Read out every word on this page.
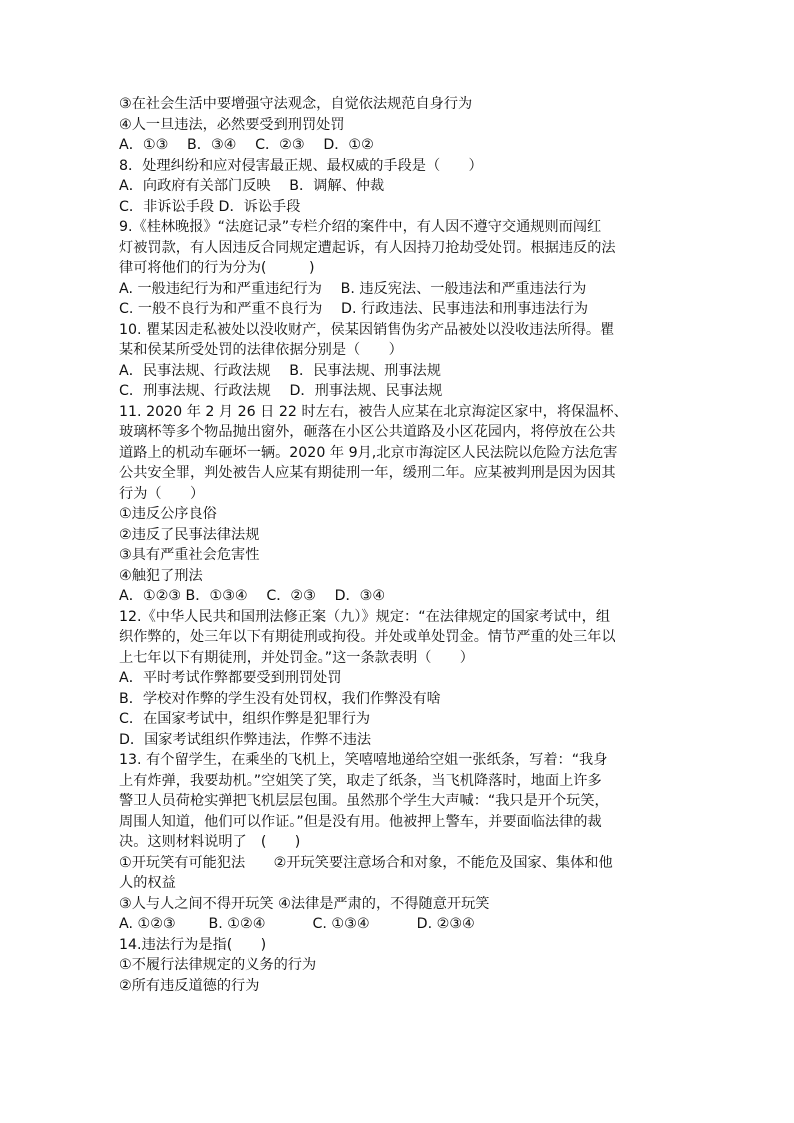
③在社会生活中要增强守法观念，自觉依法规范自身行为
④人一旦违法，必然要受到刑罚处罚
A．①③　 B．③④　 C．②③　 D．①②
8．处理纠纷和应对侵害最正规、最权威的手段是（　　）
A．向政府有关部门反映　 B．调解、仲裁
C．非诉讼手段 D．诉讼手段
9.《桂林晚报》“法庭记录”专栏介绍的案件中，有人因不遵守交通规则而闯红
灯被罚款，有人因违反合同规定遭起诉，有人因持刀抢劫受处罚。根据违反的法
律可将他们的行为分为(　　　)
A. 一般违纪行为和严重违纪行为　 B. 违反宪法、一般违法和严重违法行为
C. 一般不良行为和严重不良行为　 D. 行政违法、民事违法和刑事违法行为
10. 瞿某因走私被处以没收财产，侯某因销售伪劣产品被处以没收违法所得。瞿
某和侯某所受处罚的法律依据分别是（　　）
A．民事法规、行政法规　 B．民事法规、刑事法规
C．刑事法规、行政法规　 D．刑事法规、民事法规
11. 2020 年 2 月 26 日 22 时左右，被告人应某在北京海淀区家中，将保温杯、
玻璃杯等多个物品抛出窗外，砸落在小区公共道路及小区花园内，将停放在公共
道路上的机动车砸坏一辆。2020 年 9月,北京市海淀区人民法院以危险方法危害
公共安全罪，判处被告人应某有期徒刑一年，缓刑二年。应某被判刑是因为因其
行为（　　）
①违反公序良俗
②违反了民事法律法规
③具有严重社会危害性
④触犯了刑法
A．①②③ B．①③④　 C．②③　 D．③④
12.《中华人民共和国刑法修正案（九）》规定：“在法律规定的国家考试中，组
织作弊的，处三年以下有期徒刑或拘役。并处或单处罚金。情节严重的处三年以
上七年以下有期徒刑，并处罚金。”这一条款表明（　　）
A．平时考试作弊都要受到刑罚处罚
B．学校对作弊的学生没有处罚权，我们作弊没有啥
C．在国家考试中，组织作弊是犯罪行为
D．国家考试组织作弊违法，作弊不违法
13. 有个留学生，在乘坐的飞机上，笑嘻嘻地递给空姐一张纸条，写着：“我身
上有炸弹，我要劫机。”空姐笑了笑，取走了纸条，当飞机降落时，地面上许多
警卫人员荷枪实弹把飞机层层包围。虽然那个学生大声喊：“我只是开个玩笑，
周围人知道，他们可以作证。”但是没有用。他被押上警车，并要面临法律的裁
决。这则材料说明了　(　　)
①开玩笑有可能犯法　　②开玩笑要注意场合和对象，不能危及国家、集体和他
人的权益
③人与人之间不得开玩笑 ④法律是严肃的，不得随意开玩笑
A. ①②③　　 B. ①②④　　　 C. ①③④　　　 D. ②③④
14.违法行为是指(　　)
①不履行法律规定的义务的行为
②所有违反道德的行为
